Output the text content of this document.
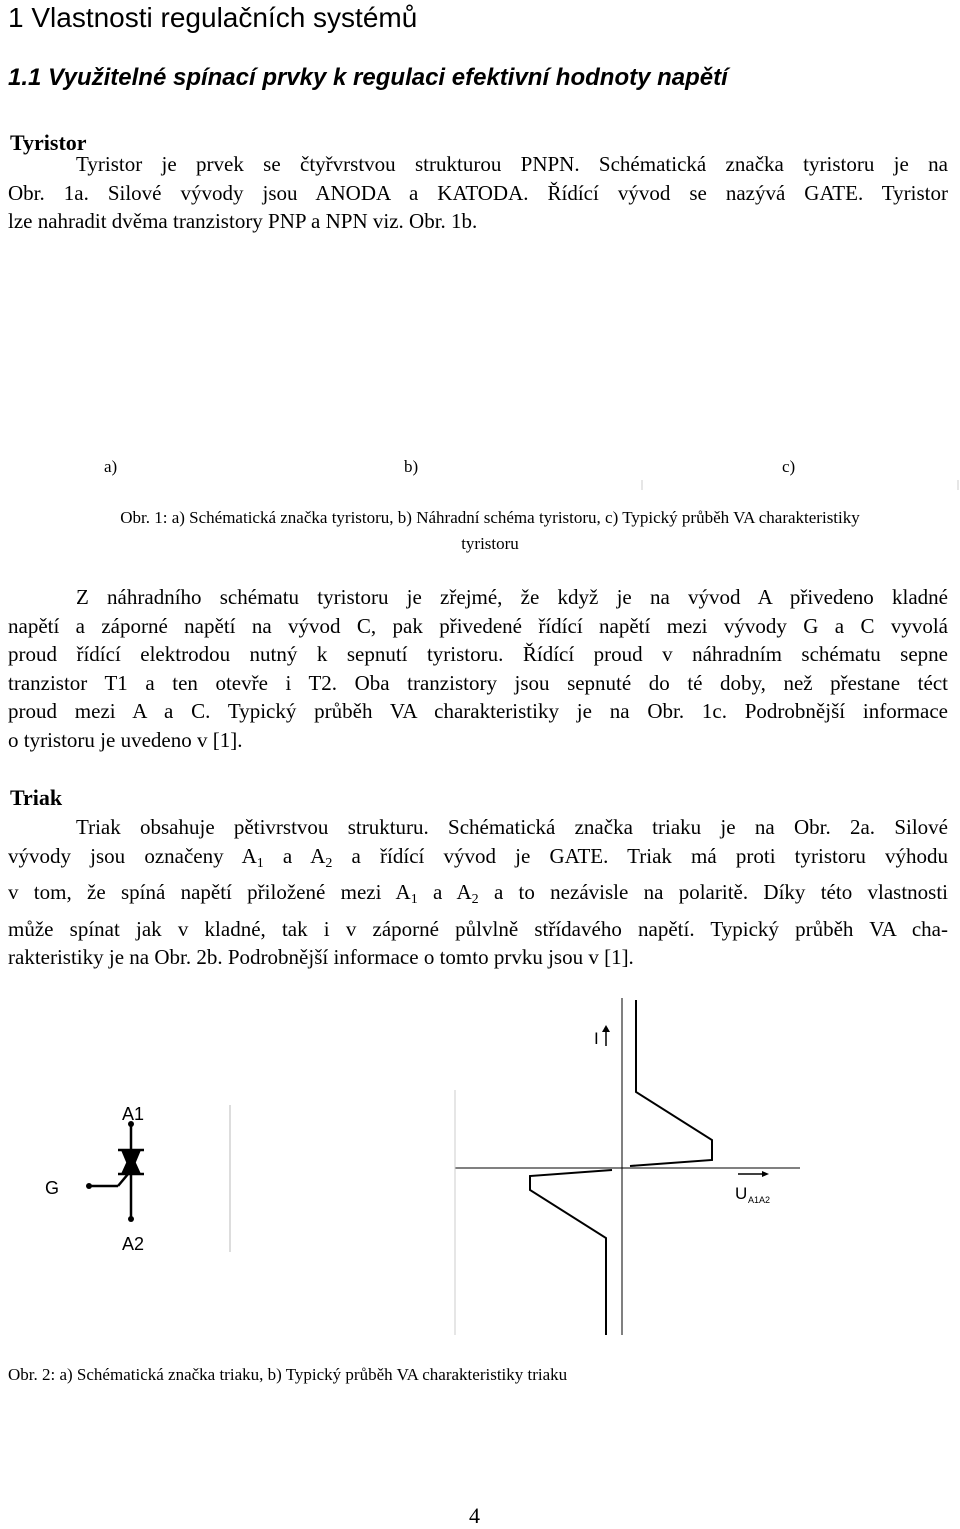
1 Vlastnosti regulačních systémů
1.1 Využitelné spínací prvky k regulaci efektivní hodnoty napětí
Tyristor
Tyristor je prvek se čtyřvrstvou strukturou PNPN. Schématická značka tyristoru je na
Obr. 1a. Silové vývody jsou ANODA a KATODA. Řídící vývod se nazývá GATE. Tyristor
lze nahradit dvěma tranzistory PNP a NPN viz. Obr. 1b.
a)	b)	c)
Obr. 1: a) Schématická značka tyristoru, b) Náhradní schéma tyristoru, c) Typický průběh VA charakteristiky
tyristoru
Z náhradního schématu tyristoru je zřejmé, že když je na vývod A přivedeno kladné
napětí a záporné napětí na vývod C, pak přivedené řídící napětí mezi vývody G a C vyvolá
proud řídící elektrodou nutný k sepnutí tyristoru. Řídící proud v náhradním schématu sepne
tranzistor T1 a ten otevře i T2. Oba tranzistory jsou sepnuté do té doby, než přestane téct
proud mezi A a C. Typický průběh VA charakteristiky je na Obr. 1c. Podrobnější informace
o tyristoru je uvedeno v [1].
Triak
Triak obsahuje pětivrstvou strukturu. Schématická značka triaku je na Obr. 2a. Silové
vývody jsou označeny $A_1$ a $A_2$ a řídící vývod je GATE. Triak má proti tyristoru výhodu
v tom, že spíná napětí přiložené mezi $A_1$ a $A_2$ a to nezávisle na polaritě. Díky této vlastnosti
může spínat jak v kladné, tak i v záporné půlvlně střídavého napětí. Typický průběh VA cha-
rakteristiky je na Obr. 2b. Podrobnější informace o tomto prvku jsou v [1].
A1
G
A2
I
U A1A2
Obr. 2: a) Schématická značka triaku, b) Typický průběh VA charakteristiky triaku
4
